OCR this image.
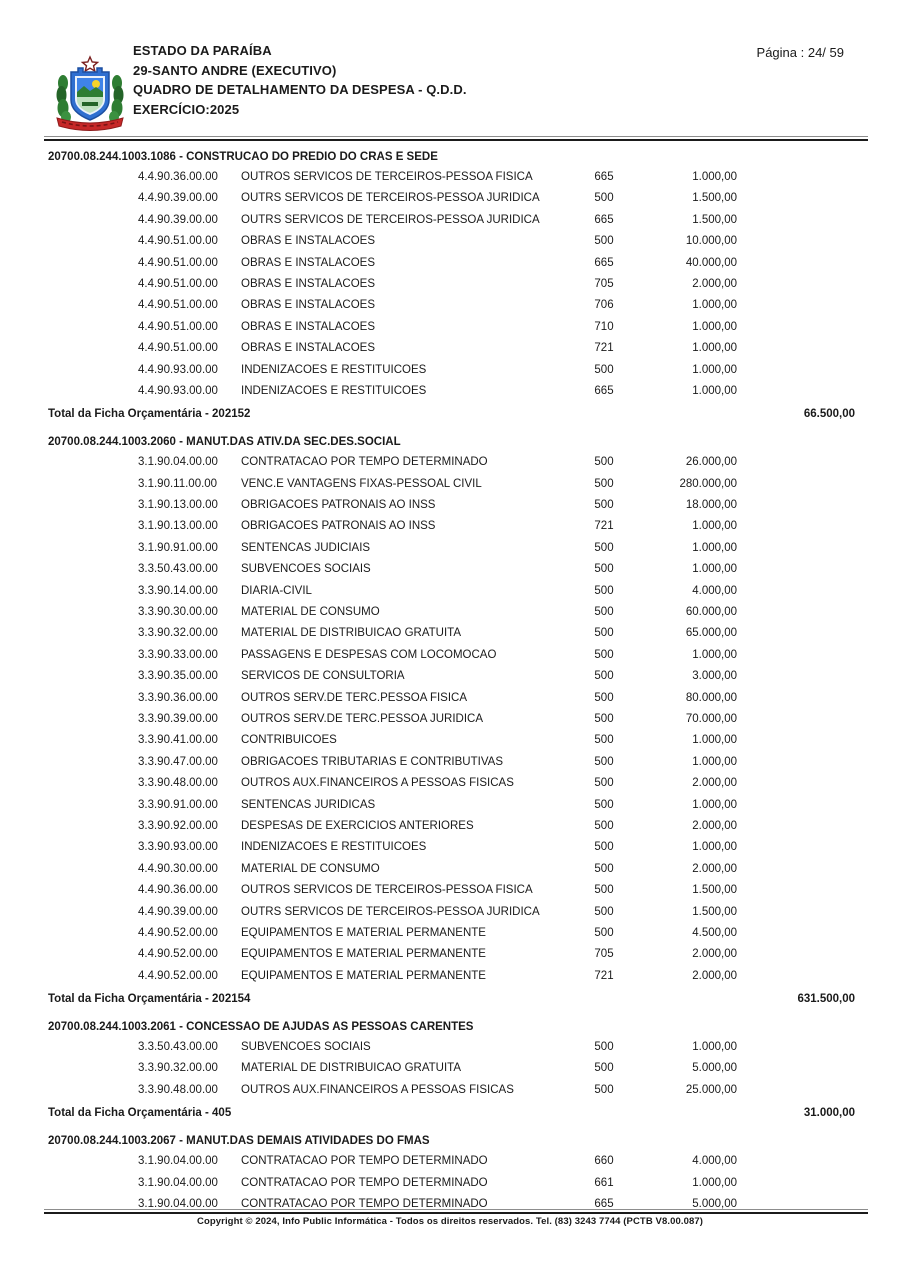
ESTADO DA PARAÍBA
29-SANTO ANDRE (EXECUTIVO)
QUADRO DE DETALHAMENTO DA DESPESA - Q.D.D.
EXERCÍCIO:2025
Página : 24/ 59
20700.08.244.1003.1086 - CONSTRUCAO DO PREDIO DO CRAS E SEDE
4.4.90.36.00.00	OUTROS SERVICOS DE TERCEIROS-PESSOA FISICA	665	1.000,00
4.4.90.39.00.00	OUTRS SERVICOS DE TERCEIROS-PESSOA JURIDICA	500	1.500,00
4.4.90.39.00.00	OUTRS SERVICOS DE TERCEIROS-PESSOA JURIDICA	665	1.500,00
4.4.90.51.00.00	OBRAS E INSTALACOES	500	10.000,00
4.4.90.51.00.00	OBRAS E INSTALACOES	665	40.000,00
4.4.90.51.00.00	OBRAS E INSTALACOES	705	2.000,00
4.4.90.51.00.00	OBRAS E INSTALACOES	706	1.000,00
4.4.90.51.00.00	OBRAS E INSTALACOES	710	1.000,00
4.4.90.51.00.00	OBRAS E INSTALACOES	721	1.000,00
4.4.90.93.00.00	INDENIZACOES E RESTITUICOES	500	1.000,00
4.4.90.93.00.00	INDENIZACOES E RESTITUICOES	665	1.000,00
Total da Ficha Orçamentária - 202152	66.500,00
20700.08.244.1003.2060 - MANUT.DAS ATIV.DA SEC.DES.SOCIAL
3.1.90.04.00.00	CONTRATACAO POR TEMPO DETERMINADO	500	26.000,00
3.1.90.11.00.00	VENC.E VANTAGENS FIXAS-PESSOAL CIVIL	500	280.000,00
3.1.90.13.00.00	OBRIGACOES PATRONAIS AO INSS	500	18.000,00
3.1.90.13.00.00	OBRIGACOES PATRONAIS AO INSS	721	1.000,00
3.1.90.91.00.00	SENTENCAS JUDICIAIS	500	1.000,00
3.3.50.43.00.00	SUBVENCOES SOCIAIS	500	1.000,00
3.3.90.14.00.00	DIARIA-CIVIL	500	4.000,00
3.3.90.30.00.00	MATERIAL DE CONSUMO	500	60.000,00
3.3.90.32.00.00	MATERIAL DE DISTRIBUICAO GRATUITA	500	65.000,00
3.3.90.33.00.00	PASSAGENS E DESPESAS COM LOCOMOCAO	500	1.000,00
3.3.90.35.00.00	SERVICOS DE CONSULTORIA	500	3.000,00
3.3.90.36.00.00	OUTROS SERV.DE TERC.PESSOA FISICA	500	80.000,00
3.3.90.39.00.00	OUTROS SERV.DE TERC.PESSOA JURIDICA	500	70.000,00
3.3.90.41.00.00	CONTRIBUICOES	500	1.000,00
3.3.90.47.00.00	OBRIGACOES TRIBUTARIAS E CONTRIBUTIVAS	500	1.000,00
3.3.90.48.00.00	OUTROS AUX.FINANCEIROS A PESSOAS FISICAS	500	2.000,00
3.3.90.91.00.00	SENTENCAS JURIDICAS	500	1.000,00
3.3.90.92.00.00	DESPESAS DE EXERCICIOS ANTERIORES	500	2.000,00
3.3.90.93.00.00	INDENIZACOES E RESTITUICOES	500	1.000,00
4.4.90.30.00.00	MATERIAL DE CONSUMO	500	2.000,00
4.4.90.36.00.00	OUTROS SERVICOS DE TERCEIROS-PESSOA FISICA	500	1.500,00
4.4.90.39.00.00	OUTRS SERVICOS DE TERCEIROS-PESSOA JURIDICA	500	1.500,00
4.4.90.52.00.00	EQUIPAMENTOS E MATERIAL PERMANENTE	500	4.500,00
4.4.90.52.00.00	EQUIPAMENTOS E MATERIAL PERMANENTE	705	2.000,00
4.4.90.52.00.00	EQUIPAMENTOS E MATERIAL PERMANENTE	721	2.000,00
Total da Ficha Orçamentária - 202154	631.500,00
20700.08.244.1003.2061 - CONCESSAO DE AJUDAS AS PESSOAS CARENTES
3.3.50.43.00.00	SUBVENCOES SOCIAIS	500	1.000,00
3.3.90.32.00.00	MATERIAL DE DISTRIBUICAO GRATUITA	500	5.000,00
3.3.90.48.00.00	OUTROS AUX.FINANCEIROS A PESSOAS FISICAS	500	25.000,00
Total da Ficha Orçamentária - 405	31.000,00
20700.08.244.1003.2067 - MANUT.DAS DEMAIS ATIVIDADES DO FMAS
3.1.90.04.00.00	CONTRATACAO POR TEMPO DETERMINADO	660	4.000,00
3.1.90.04.00.00	CONTRATACAO POR TEMPO DETERMINADO	661	1.000,00
3.1.90.04.00.00	CONTRATACAO POR TEMPO DETERMINADO	665	5.000,00
Copyright © 2024, Info Public Informática - Todos os direitos reservados. Tel. (83) 3243 7744 (PCTB V8.00.087)
